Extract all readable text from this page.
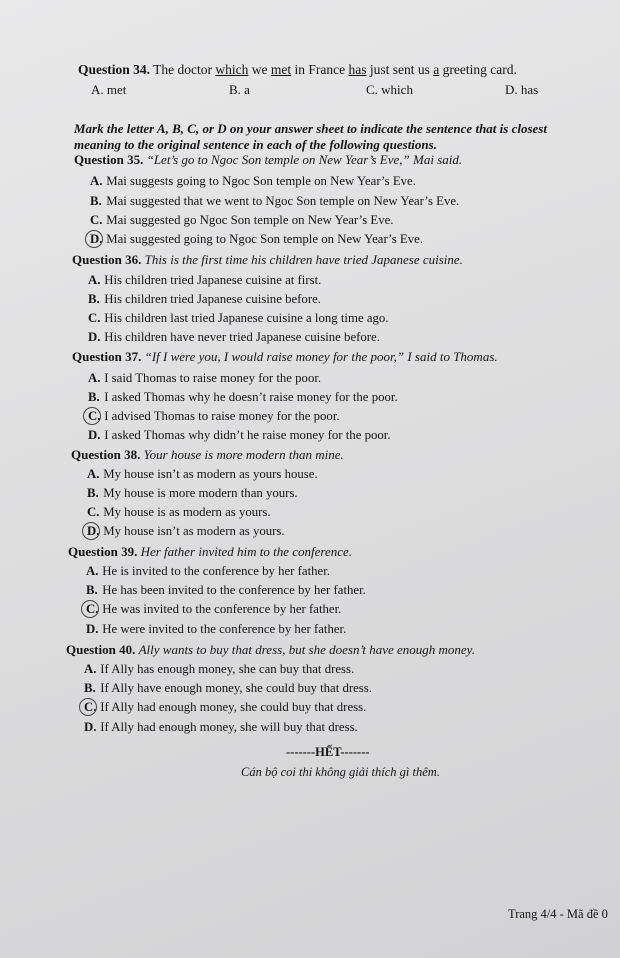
Question 34. The doctor which we met in France has just sent us a greeting card.
A. met	B. a	C. which	D. has
Mark the letter A, B, C, or D on your answer sheet to indicate the sentence that is closest
meaning to the original sentence in each of the following questions.
Question 35. “Let’s go to Ngoc Son temple on New Year’s Eve,” Mai said.
A. Mai suggests going to Ngoc Son temple on New Year’s Eve.
B. Mai suggested that we went to Ngoc Son temple on New Year’s Eve.
C. Mai suggested go Ngoc Son temple on New Year’s Eve.
D. Mai suggested going to Ngoc Son temple on New Year’s Eve.
Question 36. This is the first time his children have tried Japanese cuisine.
A. His children tried Japanese cuisine at first.
B. His children tried Japanese cuisine before.
C. His children last tried Japanese cuisine a long time ago.
D. His children have never tried Japanese cuisine before.
Question 37. “If I were you, I would raise money for the poor,” I said to Thomas.
A. I said Thomas to raise money for the poor.
B. I asked Thomas why he doesn’t raise money for the poor.
C. I advised Thomas to raise money for the poor.
D. I asked Thomas why didn’t he raise money for the poor.
Question 38. Your house is more modern than mine.
A. My house isn’t as modern as yours house.
B. My house is more modern than yours.
C. My house is as modern as yours.
D. My house isn’t as modern as yours.
Question 39. Her father invited him to the conference.
A. He is invited to the conference by her father.
B. He has been invited to the conference by her father.
C. He was invited to the conference by her father.
D. He were invited to the conference by her father.
Question 40. Ally wants to buy that dress, but she doesn’t have enough money.
A. If Ally has enough money, she can buy that dress.
B. If Ally have enough money, she could buy that dress.
C. If Ally had enough money, she could buy that dress.
D. If Ally had enough money, she will buy that dress.
-------HẾT-------
Cán bộ coi thi không giải thích gì thêm.
Trang 4/4 - Mã đề 0
